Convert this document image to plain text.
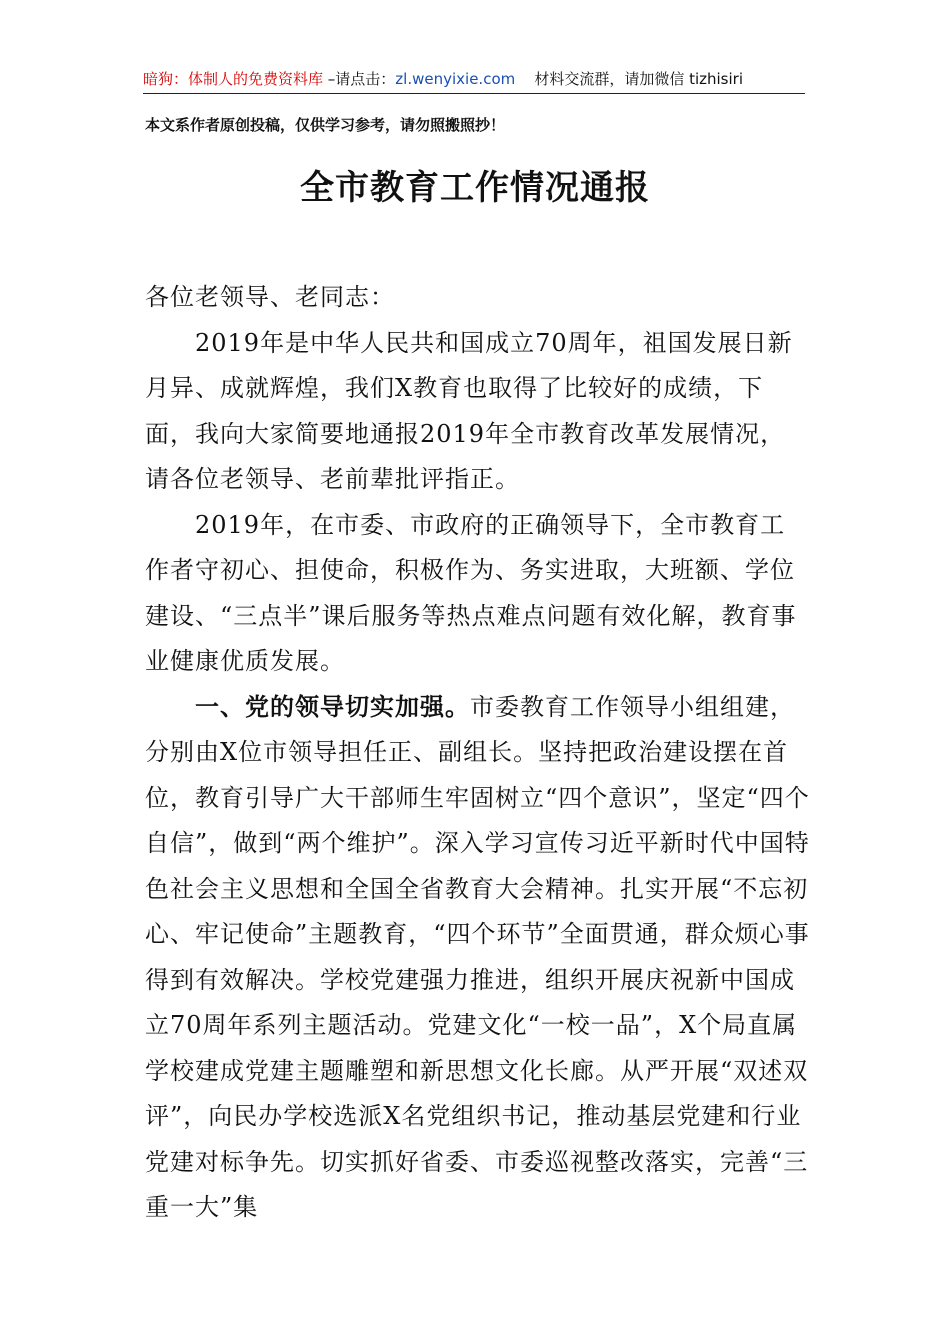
暗狗：体制人的免费资料库 –请点击：zl.wenyixie.com 材料交流群，请加微信 tizhisiri
本文系作者原创投稿，仅供学习参考，请勿照搬照抄！
全市教育工作情况通报

各位老领导、老同志：

2019年是中华人民共和国成立70周年，祖国发展日新月异、成就辉煌，我们X教育也取得了比较好的成绩，下面，我向大家简要地通报2019年全市教育改革发展情况，请各位老领导、老前辈批评指正。

2019年，在市委、市政府的正确领导下，全市教育工作者守初心、担使命，积极作为、务实进取，大班额、学位建设、“三点半”课后服务等热点难点问题有效化解，教育事业健康优质发展。

一、党的领导切实加强。市委教育工作领导小组组建，分别由X位市领导担任正、副组长。坚持把政治建设摆在首位，教育引导广大干部师生牢固树立“四个意识”，坚定“四个自信”，做到“两个维护”。深入学习宣传习近平新时代中国特色社会主义思想和全国全省教育大会精神。扎实开展“不忘初心、牢记使命”主题教育，“四个环节”全面贯通，群众烦心事得到有效解决。学校党建强力推进，组织开展庆祝新中国成立70周年系列主题活动。党建文化“一校一品”，X个局直属学校建成党建主题雕塑和新思想文化长廊。从严开展“双述双评”，向民办学校选派X名党组织书记，推动基层党建和行业党建对标争先。切实抓好省委、市委巡视整改落实，完善“三重一大”集
